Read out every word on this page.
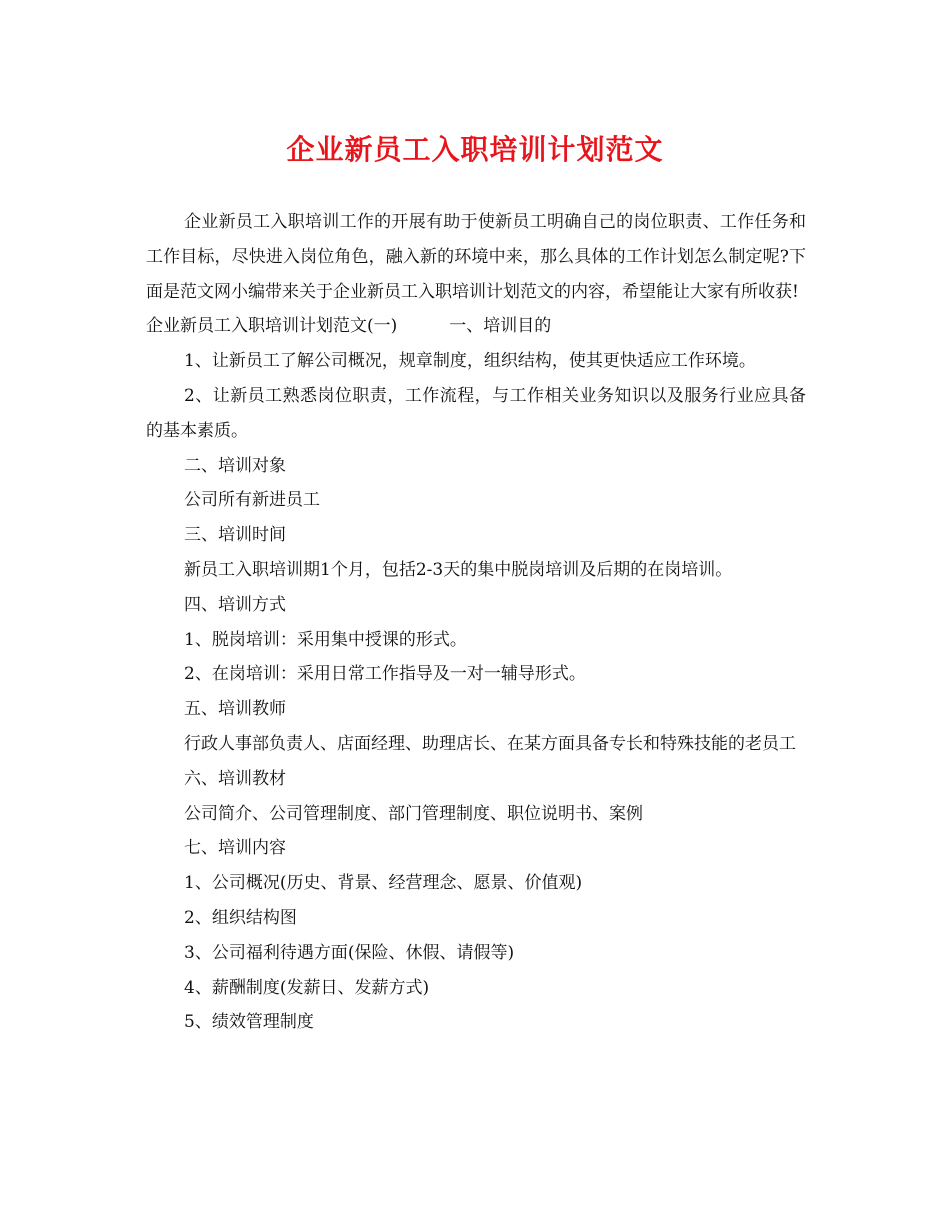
企业新员工入职培训计划范文

企业新员工入职培训工作的开展有助于使新员工明确自己的岗位职责、工作任务和工作目标，尽快进入岗位角色，融入新的环境中来，那么具体的工作计划怎么制定呢?下面是范文网小编带来关于企业新员工入职培训计划范文的内容，希望能让大家有所收获!

企业新员工入职培训计划范文(一)	一、培训目的

1、让新员工了解公司概况，规章制度，组织结构，使其更快适应工作环境。

2、让新员工熟悉岗位职责，工作流程，与工作相关业务知识以及服务行业应具备的基本素质。

二、培训对象

公司所有新进员工

三、培训时间

新员工入职培训期1个月，包括2-3天的集中脱岗培训及后期的在岗培训。

四、培训方式

1、脱岗培训：采用集中授课的形式。

2、在岗培训：采用日常工作指导及一对一辅导形式。

五、培训教师

行政人事部负责人、店面经理、助理店长、在某方面具备专长和特殊技能的老员工

六、培训教材

公司简介、公司管理制度、部门管理制度、职位说明书、案例

七、培训内容

1、公司概况(历史、背景、经营理念、愿景、价值观)

2、组织结构图

3、公司福利待遇方面(保险、休假、请假等)

4、薪酬制度(发薪日、发薪方式)

5、绩效管理制度
